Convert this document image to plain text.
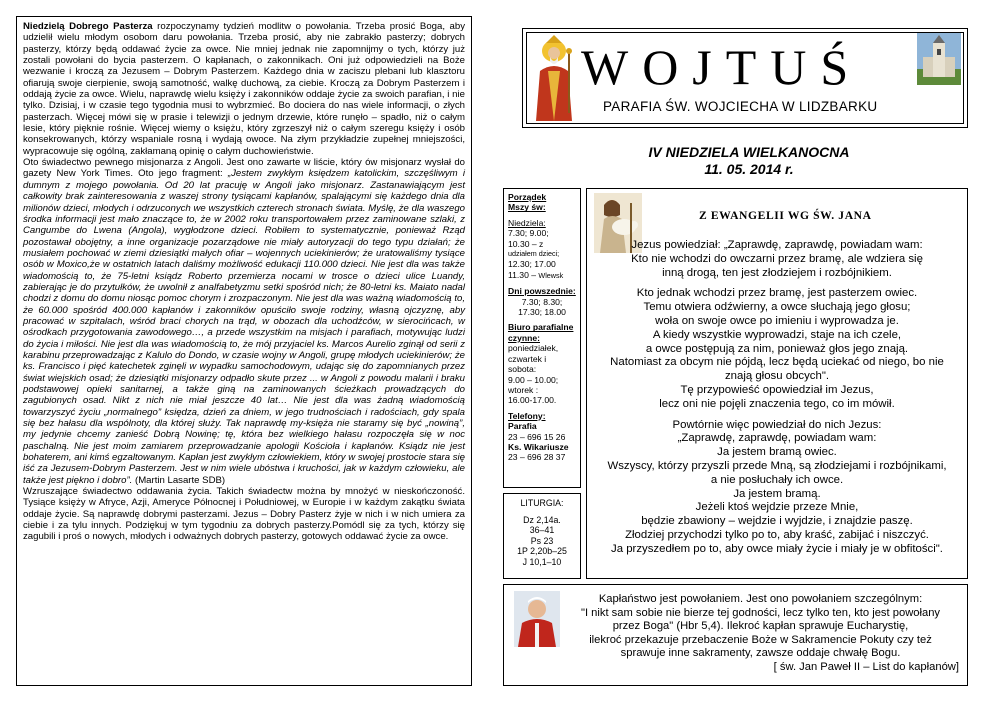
Niedzielą Dobrego Pasterza rozpoczynamy tydzień modlitw o powołania. Trzeba prosić Boga, aby udzielił wielu młodym osobom daru powołania. Trzeba prosić, aby nie zabrakło pasterzy; dobrych pasterzy, którzy będą oddawać życie za owce. Nie mniej jednak nie zapomnijmy o tych, którzy już zostali powołani do bycia pasterzem. O kapłanach, o zakonnikach. Oni już odpowiedzieli na Boże wezwanie i kroczą za Jezusem – Dobrym Pasterzem. Każdego dnia w zaciszu plebani lub klasztoru ofiarują swoje cierpienie, swoją samotność, walkę duchową, za ciebie. Kroczą za Dobrym Pasterzem i oddają życie za owce. Wielu, naprawdę wielu księży i zakonników oddaje życie za swoich parafian, i nie tylko. Dzisiaj, i w czasie tego tygodnia musi to wybrzmieć. Bo dociera do nas wiele informacji, o złych pasterzach. Więcej mówi się w prasie i telewizji o jednym drzewie, które runęło – spadło, niż o całym lesie, który pięknie rośnie. Więcej wiemy o księżu, który zgrzeszył niż o całym szeregu księży i osób konsekrowanych, którzy wspaniale rosną i wydają owoce. Na złym przykładzie zupełnej mniejszości, wypracowuje się ogólną, zakłamaną opinię o całym duchowieństwie.

Oto świadectwo pewnego misjonarza z Angoli. Jest ono zawarte w liście, który ów misjonarz wysłał do gazety New York Times. Oto jego fragment: „Jestem zwykłym księdzem katolickim, szczęśliwym i dumnym z mojego powołania. Od 20 lat pracuję w Angoli jako misjonarz. Zastanawiającym jest całkowity brak zainteresowania z waszej strony tysiącami kapłanów, spalającymi się każdego dnia dla milionów dzieci, młodych i odrzuconych we wszystkich czterech stronach świata. Myślę, że dla waszego środka informacji jest mało znaczące to, że w 2002 roku transportowałem przez zaminowane szlaki, z Cangumbe do Lwena (Angola), wygłodzone dzieci. Robiłem to systematycznie, ponieważ Rząd pozostawał obojętny, a inne organizacje pozarządowe nie miały autoryzacji do tego typu działań; że musiałem pochować w ziemi dziesiątki małych ofiar – wojennych uciekinierów; że uratowaliśmy tysiące osób w Moxico,że w ostatnich latach daliśmy możliwość edukacji 110.000 dzieci. Nie jest dla was także wiadomością to, że 75-letni ksiądz Roberto przemierza nocami w trosce o dzieci ulice Luandy, zabierając je do przytułków, że uwolnił z analfabetyzmu setki spośród nich; że 80-letni ks. Maiato nadal chodzi z domu do domu niosąc pomoc chorym i zrozpaczonym. Nie jest dla was ważną wiadomością to, że 60.000 spośród 400.000 kapłanów i zakonników opuściło swoje rodziny, własną ojczyznę, aby pracować w szpitalach, wśród braci chorych na trąd, w obozach dla uchodźców, w sierocińcach, w ośrodkach przygotowania zawodowego…, a przede wszystkim na misjach i parafiach, motywując ludzi do życia i miłości. Nie jest dla was wiadomością to, że mój przyjaciel ks. Marcos Aurelio zginął od serii z karabinu przeprowadzając z Kalulo do Dondo, w czasie wojny w Angoli, grupę młodych uciekinierów; że ks. Francisco i pięć katechetek zginęli w wypadku samochodowym, udając się do zapomnianych przez świat wiejskich osad; że dziesiątki misjonarzy odpadło skute przez ... w Angoli z powodu malarii i braku podstawowej opieki sanitarnej, a także giną na zaminowanych ścieżkach prowadzących do zagubionych osad. Nikt z nich nie miał jeszcze 40 lat… Nie jest dla was żadną wiadomością towarzyszyć życiu „normalnego” księdza, dzień za dniem, w jego trudnościach i radościach, gdy spala się bez hałasu dla wspólnoty, dla której służy. Tak naprawdę my-księża nie staramy się być „nowiną”, my jedynie chcemy zanieść Dobrą Nowinę; tę, która bez wielkiego hałasu rozpoczęła się w noc paschalną. Nie jest moim zamiarem przeprowadzanie apologii Kościoła i kapłanów. Ksiądz nie jest bohaterem, ani kimś egzaltowanym. Kapłan jest zwykłym człowiekiem, który w swojej prostocie stara się iść za Jezusem-Dobrym Pasterzem. Jest w nim wiele ubóstwa i kruchości, jak w każdym człowieku, ale także jest piękno i dobro”. (Martin Lasarte SDB)

Wzruszające świadectwo oddawania życia. Takich świadectw można by mnożyć w nieskończoność. Tysiące księży w Afryce, Azji, Ameryce Północnej i Południowej, w Europie i w każdym zakątku świata oddaje życie. Są naprawdę dobrymi pasterzami. Jezus – Dobry Pasterz żyje w nich i w nich umiera za ciebie i za tylu innych. Podziękuj w tym tygodniu za dobrych pasterzy.Pomódl się za tych, którzy się zagubili i proś o nowych, młodych i odważnych dobrych pasterzy, gotowych oddawać życie za owce.

WOJTUŚ
PARAFIA ŚW. WOJCIECHA W LIDZBARKU
IV NIEDZIELA WIELKANOCNA
11. 05. 2014 r.
Porządek
Mszy św:
Niedziela:
7.30; 9.00;
10.30 – z
udziałem dzieci;
12.30; 17.00
11.30 – Wlewsk
Dni powszednie:
7.30; 8.30;
17.30; 18.00
Biuro parafialne
czynne:
poniedziałek,
czwartek i
sobota:
9.00 – 10.00;
wtorek :
16.00-17.00.
Telefony:
Parafia
23 – 696 15 26
Ks. Wikariusze
23 – 696 28 37
LITURGIA:
Dz 2,14a.
36–41
Ps 23
1P 2,20b–25
J 10,1–10
Z EWANGELII WG ŚW. JANA
Jezus powiedział: „Zaprawdę, zaprawdę, powiadam wam:
Kto nie wchodzi do owczarni przez bramę, ale wdziera się
inną drogą, ten jest złodziejem i rozbójnikiem.
Kto jednak wchodzi przez bramę, jest pasterzem owiec.
Temu otwiera odźwierny, a owce słuchają jego głosu;
woła on swoje owce po imieniu i wyprowadza je.
A kiedy wszystkie wyprowadzi, staje na ich czele,
a owce postępują za nim, ponieważ głos jego znają.
Natomiast za obcym nie pójdą, lecz będą uciekać od niego, bo nie
znają głosu obcych".
Tę przypowieść opowiedział im Jezus,
lecz oni nie pojęli znaczenia tego, co im mówił.
Powtórnie więc powiedział do nich Jezus:
„Zaprawdę, zaprawdę, powiadam wam:
Ja jestem bramą owiec.
Wszyscy, którzy przyszli przede Mną, są złodziejami i rozbójnikami,
a nie posłuchały ich owce.
Ja jestem bramą.
Jeżeli ktoś wejdzie przeze Mnie,
będzie zbawiony – wejdzie i wyjdzie, i znajdzie paszę.
Złodziej przychodzi tylko po to, aby kraść, zabijać i niszczyć.
Ja przyszedłem po to, aby owce miały życie i miały je w obfitości".
Kapłaństwo jest powołaniem. Jest ono powołaniem szczególnym:
"I nikt sam sobie nie bierze tej godności, lecz tylko ten, kto jest powołany
przez Boga" (Hbr 5,4). Ilekroć kapłan sprawuje Eucharystię,
ilekroć przekazuje przebaczenie Boże w Sakramencie Pokuty czy też
sprawuje inne sakramenty, zawsze oddaje chwałę Bogu.
[ św. Jan Paweł II – List do kapłanów]
